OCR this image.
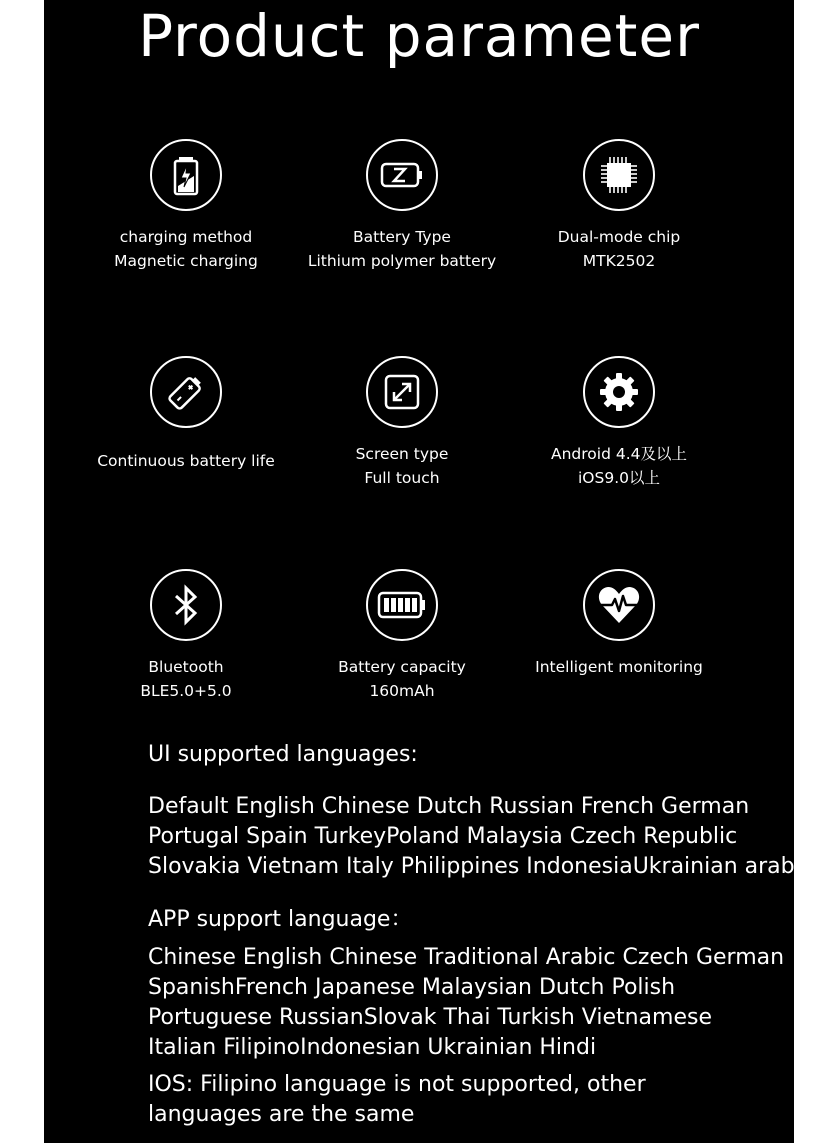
Product parameter
charging method
Magnetic charging
Battery Type
Lithium polymer battery
Dual-mode chip
MTK2502
Continuous battery life	Screen type
Full touch
Android 4.4及以上
iOS9.0以上
Bluetooth
BLE5.0+5.0
Battery capacity
160mAh
Intelligent monitoring
UI supported languages:
Default English Chinese Dutch Russian French German
Portugal Spain TurkeyPoland Malaysia Czech Republic
Slovakia Vietnam Italy Philippines IndonesiaUkrainian arab
APP support language：
Chinese English Chinese Traditional Arabic Czech German
SpanishFrench Japanese Malaysian Dutch Polish
Portuguese RussianSlovak Thai Turkish Vietnamese
Italian FilipinoIndonesian Ukrainian Hindi
IOS: Filipino language is not supported, other
languages are the same
